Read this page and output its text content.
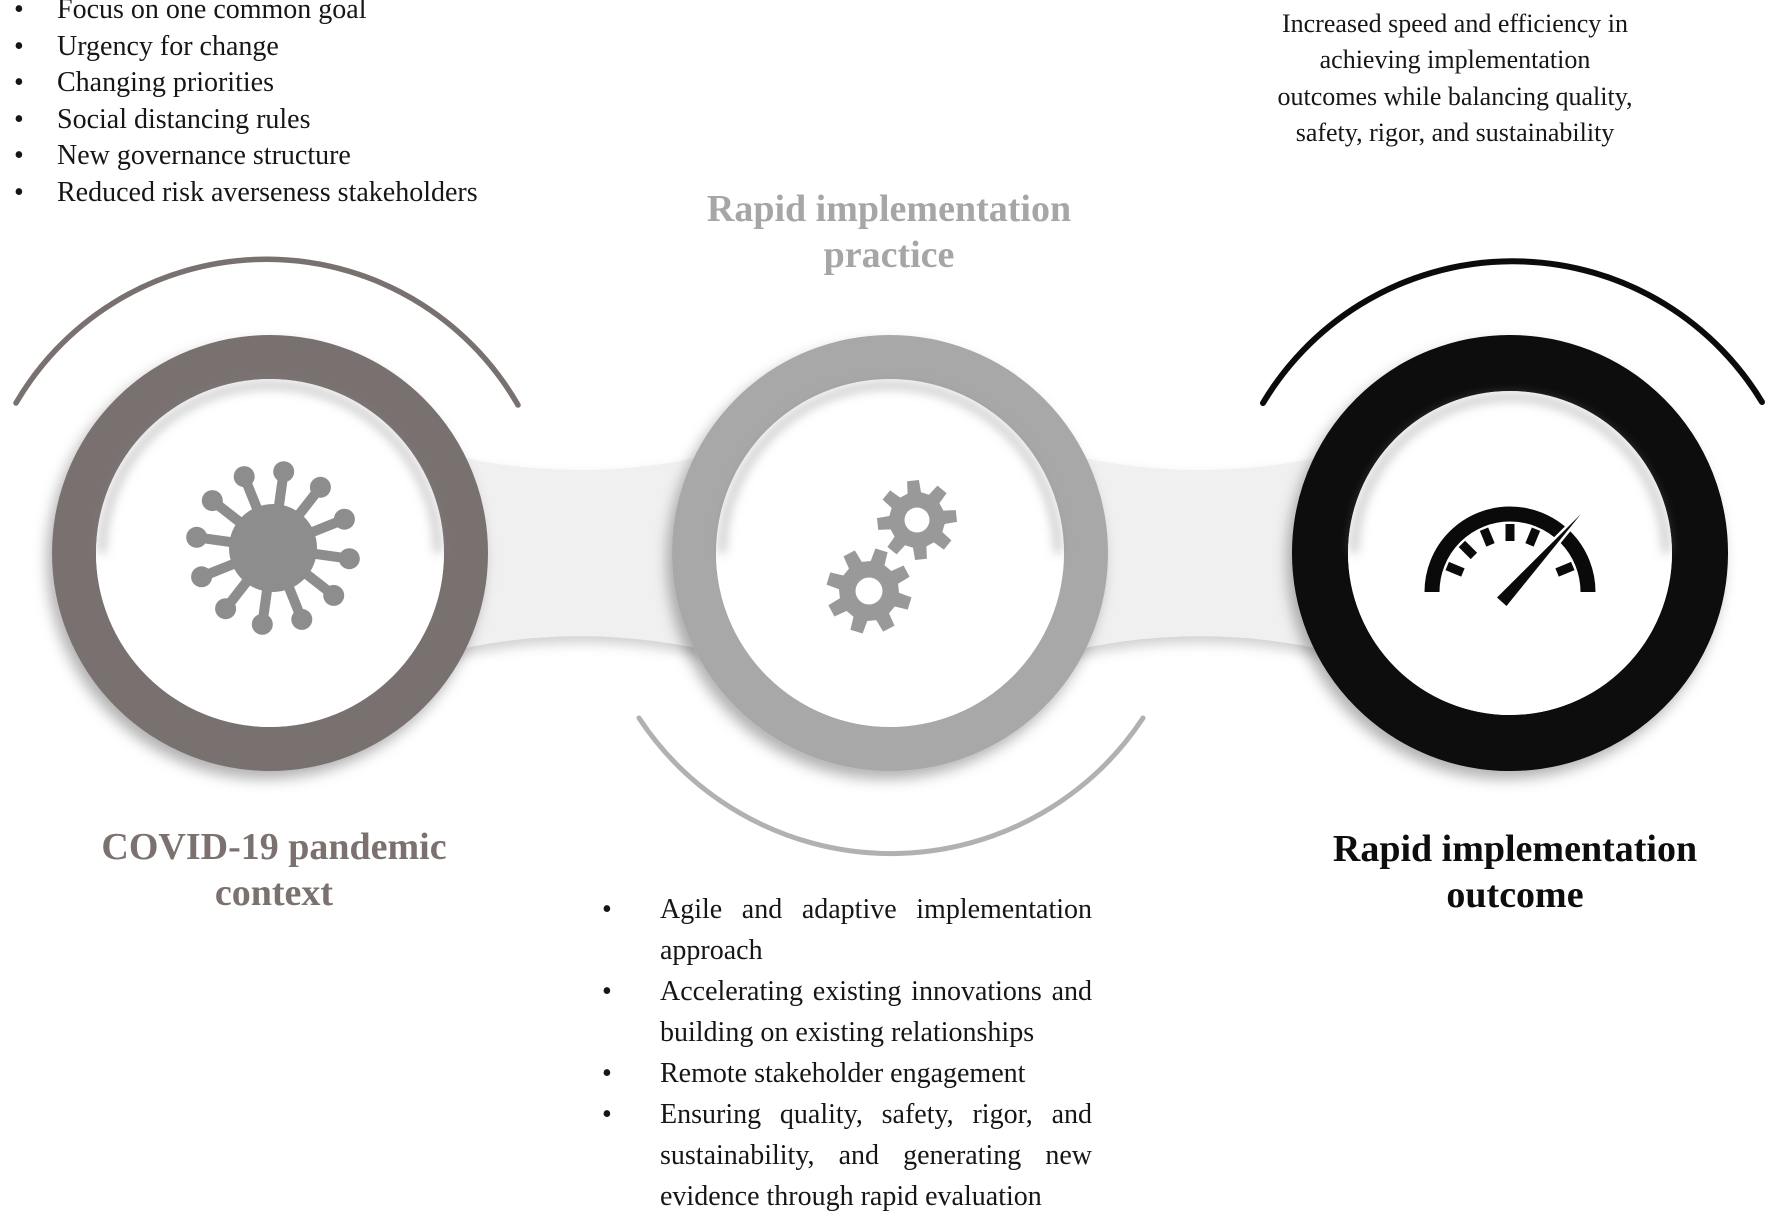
•
Focus on one common goal
•
Urgency for change
•
Changing priorities
•
Social distancing rules
•
New governance structure
•
Reduced risk averseness stakeholders
Increased speed and efficiency in achieving implementation outcomes while balancing quality, safety, rigor, and sustainability
Rapid implementation practice
COVID-19 pandemic context
Rapid implementation outcome
•
Agile and adaptive implementation approach
•
Accelerating existing innovations and building on existing relationships
•
Remote stakeholder engagement
•
Ensuring quality, safety, rigor, and sustainability, and generating new evidence through rapid evaluation
